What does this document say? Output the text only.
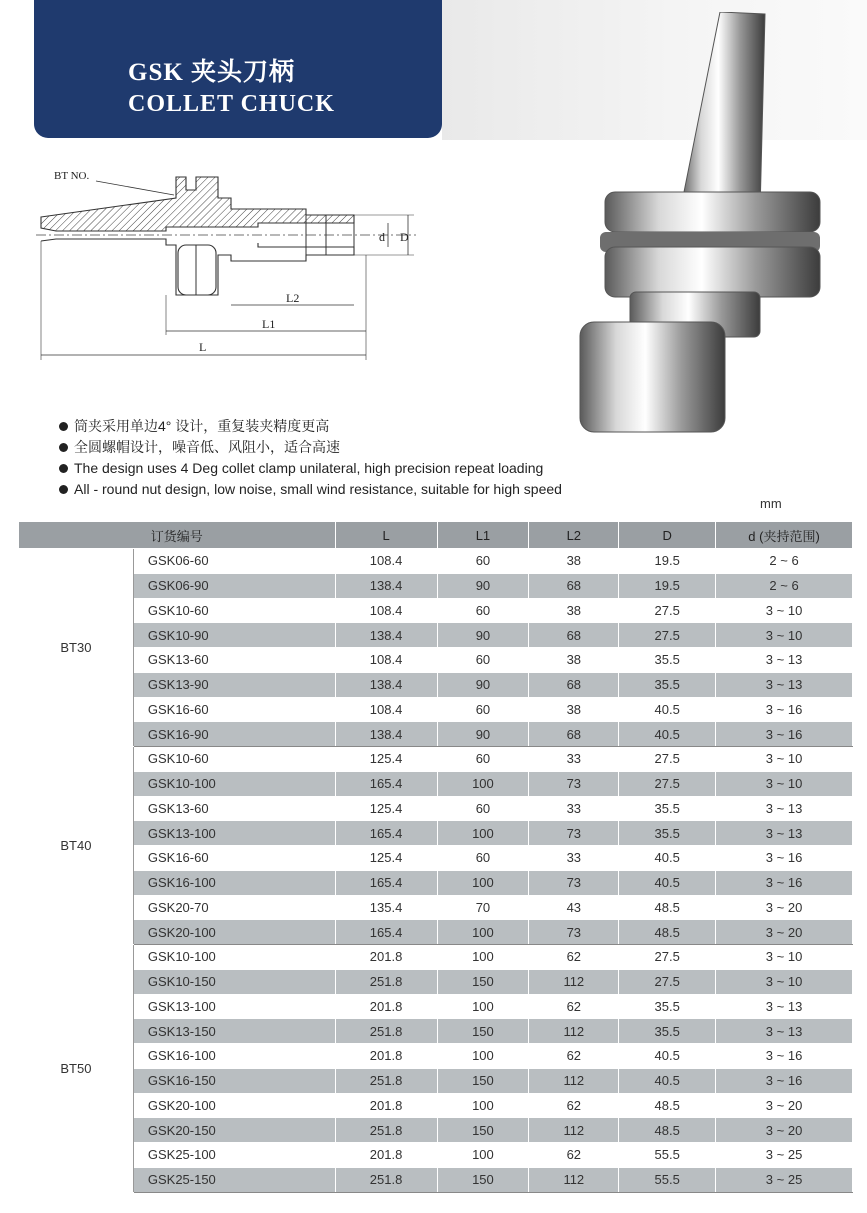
GSK 夹头刀柄
COLLET CHUCK
BT NO.
D
d
L2
L1
L
筒夹采用单边4° 设计，重复装夹精度更高
全圆螺帽设计，噪音低、风阻小，适合高速
The design uses 4 Deg collet clamp unilateral, high precision repeat loading
All - round nut design, low noise, small wind resistance, suitable for high speed
mm
订货编号		L	L1	L2	D	d (夹持范围)
BT30	GSK06-60	108.4	60	38	19.5	2 ~ 6
	GSK06-90	138.4	90	68	19.5	2 ~ 6
	GSK10-60	108.4	60	38	27.5	3 ~ 10
	GSK10-90	138.4	90	68	27.5	3 ~ 10
	GSK13-60	108.4	60	38	35.5	3 ~ 13
	GSK13-90	138.4	90	68	35.5	3 ~ 13
	GSK16-60	108.4	60	38	40.5	3 ~ 16
	GSK16-90	138.4	90	68	40.5	3 ~ 16
BT40	GSK10-60	125.4	60	33	27.5	3 ~ 10
	GSK10-100	165.4	100	73	27.5	3 ~ 10
	GSK13-60	125.4	60	33	35.5	3 ~ 13
	GSK13-100	165.4	100	73	35.5	3 ~ 13
	GSK16-60	125.4	60	33	40.5	3 ~ 16
	GSK16-100	165.4	100	73	40.5	3 ~ 16
	GSK20-70	135.4	70	43	48.5	3 ~ 20
	GSK20-100	165.4	100	73	48.5	3 ~ 20
BT50	GSK10-100	201.8	100	62	27.5	3 ~ 10
	GSK10-150	251.8	150	112	27.5	3 ~ 10
	GSK13-100	201.8	100	62	35.5	3 ~ 13
	GSK13-150	251.8	150	112	35.5	3 ~ 13
	GSK16-100	201.8	100	62	40.5	3 ~ 16
	GSK16-150	251.8	150	112	40.5	3 ~ 16
	GSK20-100	201.8	100	62	48.5	3 ~ 20
	GSK20-150	251.8	150	112	48.5	3 ~ 20
	GSK25-100	201.8	100	62	55.5	3 ~ 25
	GSK25-150	251.8	150	112	55.5	3 ~ 25
